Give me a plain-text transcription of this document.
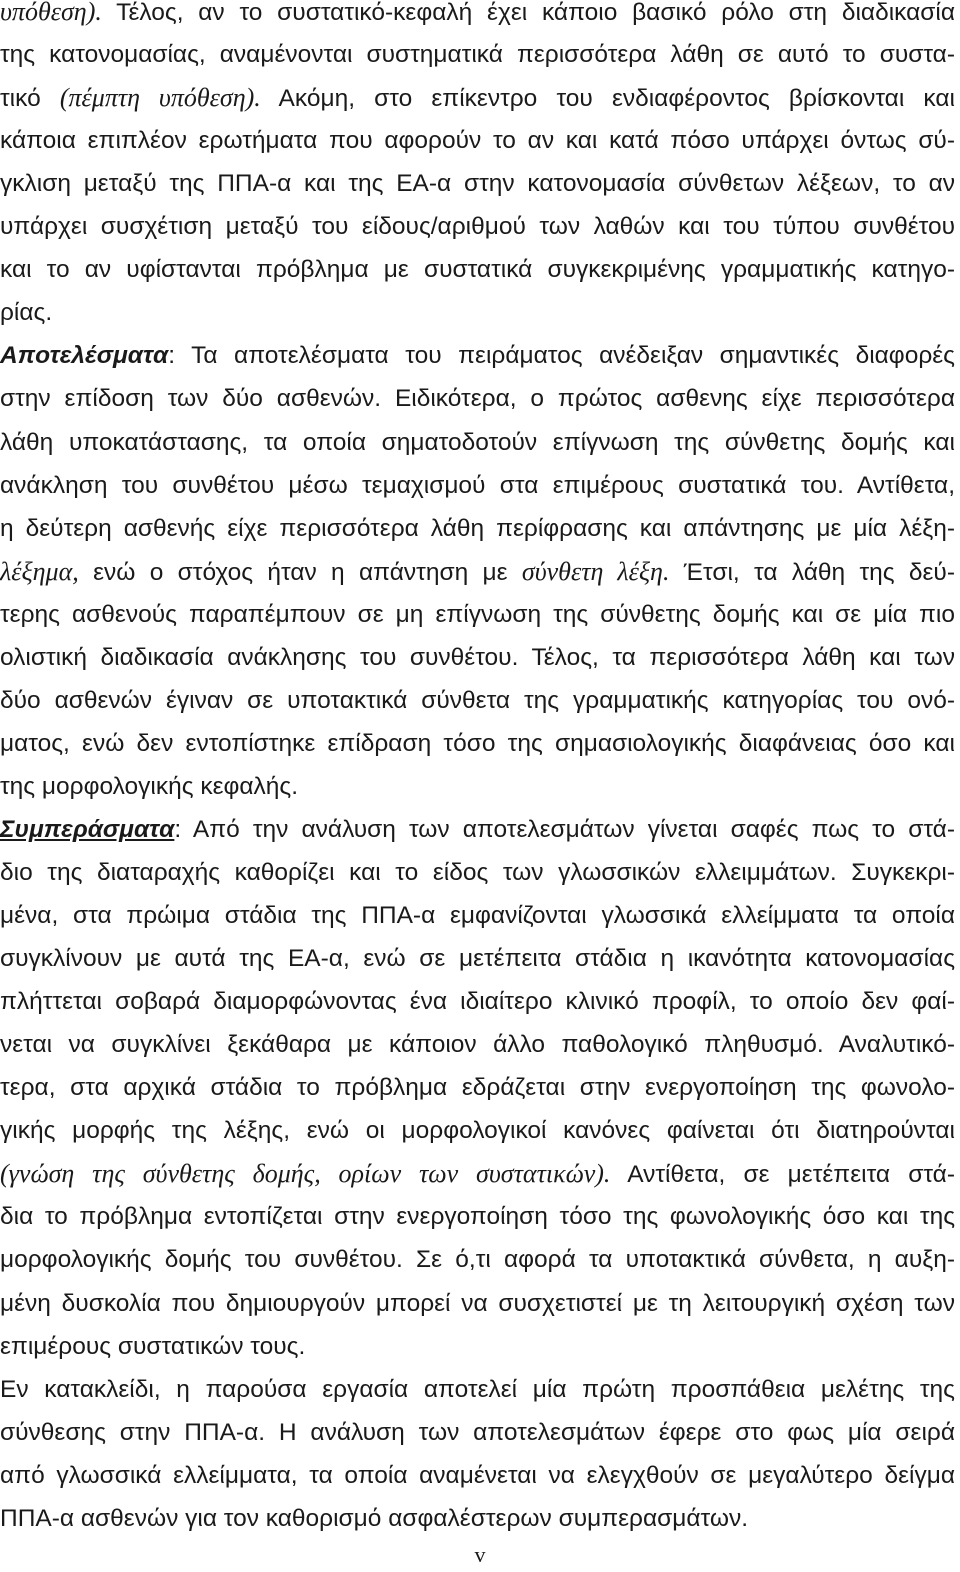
υπόθεση). Τέλος, αν το συστατικό-κεφαλή έχει κάποιο βασικό ρόλο στη διαδικασία
της κατονομασίας, αναμένονται συστηματικά περισσότερα λάθη σε αυτό το συστα-
τικό (πέμπτη υπόθεση). Ακόμη, στο επίκεντρο του ενδιαφέροντος βρίσκονται και
κάποια επιπλέον ερωτήματα που αφορούν το αν και κατά πόσο υπάρχει όντως σύ-
γκλιση μεταξύ της ΠΠΑ-α και της ΕΑ-α στην κατονομασία σύνθετων λέξεων, το αν
υπάρχει συσχέτιση μεταξύ του είδους/αριθμού των λαθών και του τύπου συνθέτου
και το αν υφίστανται πρόβλημα με συστατικά συγκεκριμένης γραμματικής κατηγο-
ρίας.
Αποτελέσματα: Τα αποτελέσματα του πειράματος ανέδειξαν σημαντικές διαφορές
στην επίδοση των δύο ασθενών. Ειδικότερα, ο πρώτος ασθενης είχε περισσότερα
λάθη υποκατάστασης, τα οποία σηματοδοτούν επίγνωση της σύνθετης δομής και
ανάκληση του συνθέτου μέσω τεμαχισμού στα επιμέρους συστατικά του. Αντίθετα,
η δεύτερη ασθενής είχε περισσότερα λάθη περίφρασης και απάντησης με μία λέξη-
λέξημα, ενώ ο στόχος ήταν η απάντηση με σύνθετη λέξη. Έτσι, τα λάθη της δεύ-
τερης ασθενούς παραπέμπουν σε μη επίγνωση της σύνθετης δομής και σε μία πιο
ολιστική διαδικασία ανάκλησης του συνθέτου. Τέλος, τα περισσότερα λάθη και των
δύο ασθενών έγιναν σε υποτακτικά σύνθετα της γραμματικής κατηγορίας του ονό-
ματος, ενώ δεν εντοπίστηκε επίδραση τόσο της σημασιολογικής διαφάνειας όσο και
της μορφολογικής κεφαλής.
Συμπεράσματα: Από την ανάλυση των αποτελεσμάτων γίνεται σαφές πως το στά-
διο της διαταραχής καθορίζει και το είδος των γλωσσικών ελλειμμάτων. Συγκεκρι-
μένα, στα πρώιμα στάδια της ΠΠΑ-α εμφανίζονται γλωσσικά ελλείμματα τα οποία
συγκλίνουν με αυτά της ΕΑ-α, ενώ σε μετέπειτα στάδια η ικανότητα κατονομασίας
πλήττεται σοβαρά διαμορφώνοντας ένα ιδιαίτερο κλινικό προφίλ, το οποίο δεν φαί-
νεται να συγκλίνει ξεκάθαρα με κάποιον άλλο παθολογικό πληθυσμό. Αναλυτικό-
τερα, στα αρχικά στάδια το πρόβλημα εδράζεται στην ενεργοποίηση της φωνολο-
γικής μορφής της λέξης, ενώ οι μορφολογικοί κανόνες φαίνεται ότι διατηρούνται
(γνώση της σύνθετης δομής, ορίων των συστατικών). Αντίθετα, σε μετέπειτα στά-
δια το πρόβλημα εντοπίζεται στην ενεργοποίηση τόσο της φωνολογικής όσο και της
μορφολογικής δομής του συνθέτου. Σε ό,τι αφορά τα υποτακτικά σύνθετα, η αυξη-
μένη δυσκολία που δημιουργούν μπορεί να συσχετιστεί με τη λειτουργική σχέση των
επιμέρους συστατικών τους.
Εν κατακλείδι, η παρούσα εργασία αποτελεί μία πρώτη προσπάθεια μελέτης της
σύνθεσης στην ΠΠΑ-α. Η ανάλυση των αποτελεσμάτων έφερε στο φως μία σειρά
από γλωσσικά ελλείμματα, τα οποία αναμένεται να ελεγχθούν σε μεγαλύτερο δείγμα
ΠΠΑ-α ασθενών για τον καθορισμό ασφαλέστερων συμπερασμάτων.
v
